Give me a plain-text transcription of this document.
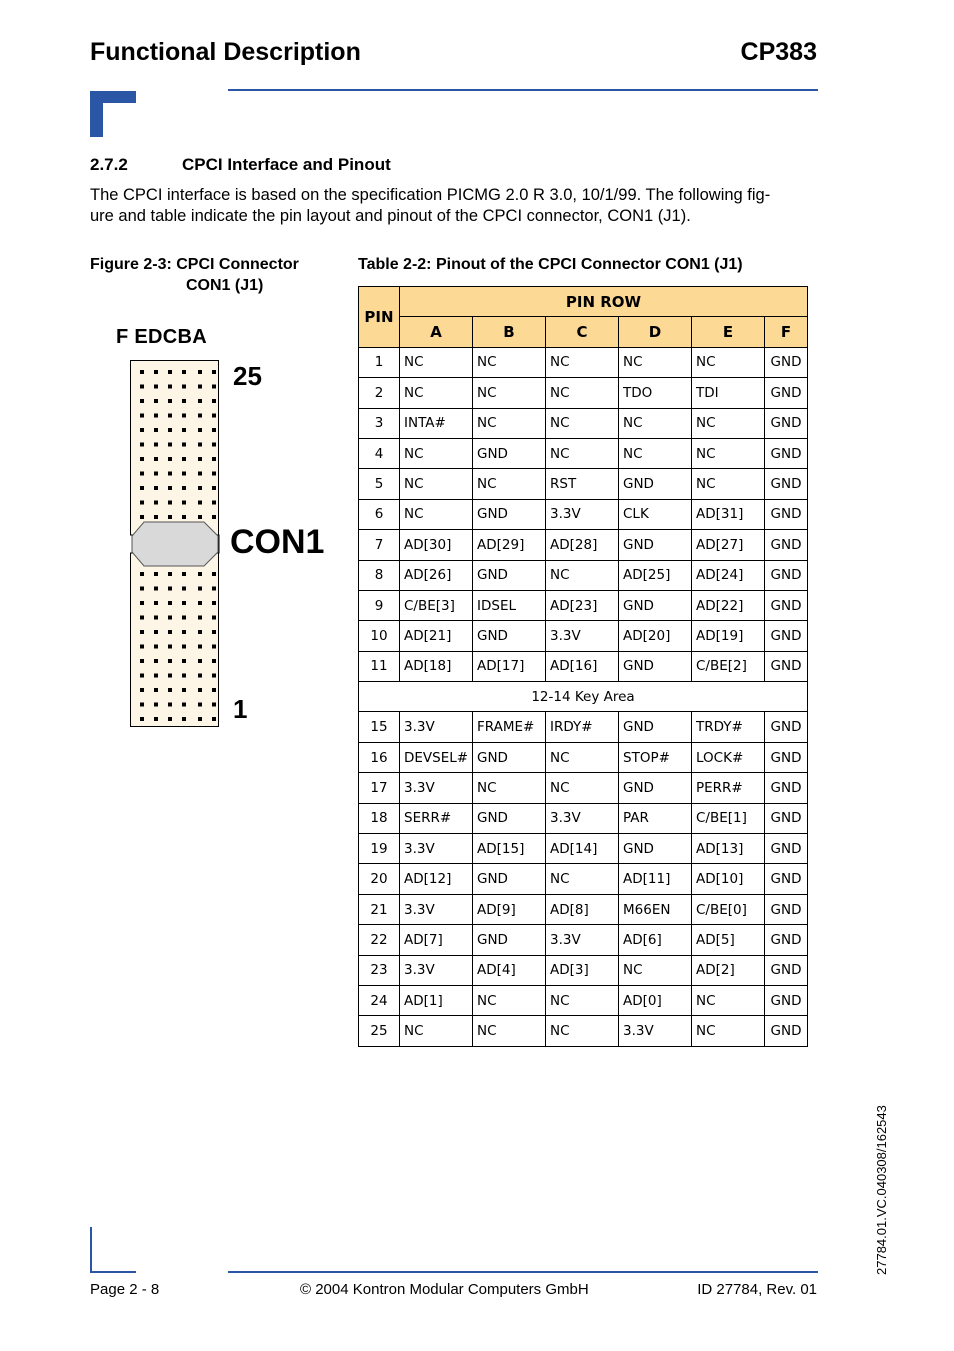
Functional Description	CP383
2.7.2	CPCI Interface and Pinout

The CPCI interface is based on the specification PICMG 2.0 R 3.0, 10/1/99. The following fig-

ure and table indicate the pin layout and pinout of the CPCI connector, CON1 (J1).

Figure 2-3: CPCI Connector
CON1 (J1)
Table 2-2: Pinout of the CPCI Connector CON1 (J1)
F EDCBA
25
CON1
1
PIN	PIN ROW					
	A	B	C	D	E	F
1	NC	NC	NC	NC	NC	GND
2	NC	NC	NC	TDO	TDI	GND
3	INTA#	NC	NC	NC	NC	GND
4	NC	GND	NC	NC	NC	GND
5	NC	NC	RST	GND	NC	GND
6	NC	GND	3.3V	CLK	AD[31]	GND
7	AD[30]	AD[29]	AD[28]	GND	AD[27]	GND
8	AD[26]	GND	NC	AD[25]	AD[24]	GND
9	C/BE[3]	IDSEL	AD[23]	GND	AD[22]	GND
10	AD[21]	GND	3.3V	AD[20]	AD[19]	GND
11	AD[18]	AD[17]	AD[16]	GND	C/BE[2]	GND
12-14 Key Area						
15	3.3V	FRAME#	IRDY#	GND	TRDY#	GND
16	DEVSEL#	GND	NC	STOP#	LOCK#	GND
17	3.3V	NC	NC	GND	PERR#	GND
18	SERR#	GND	3.3V	PAR	C/BE[1]	GND
19	3.3V	AD[15]	AD[14]	GND	AD[13]	GND
20	AD[12]	GND	NC	AD[11]	AD[10]	GND
21	3.3V	AD[9]	AD[8]	M66EN	C/BE[0]	GND
22	AD[7]	GND	3.3V	AD[6]	AD[5]	GND
23	3.3V	AD[4]	AD[3]	NC	AD[2]	GND
24	AD[1]	NC	NC	AD[0]	NC	GND
25	NC	NC	NC	3.3V	NC	GND
Page 2 - 8	© 2004 Kontron Modular Computers GmbH	ID 27784, Rev. 01
27784.01.VC.040308/162543
